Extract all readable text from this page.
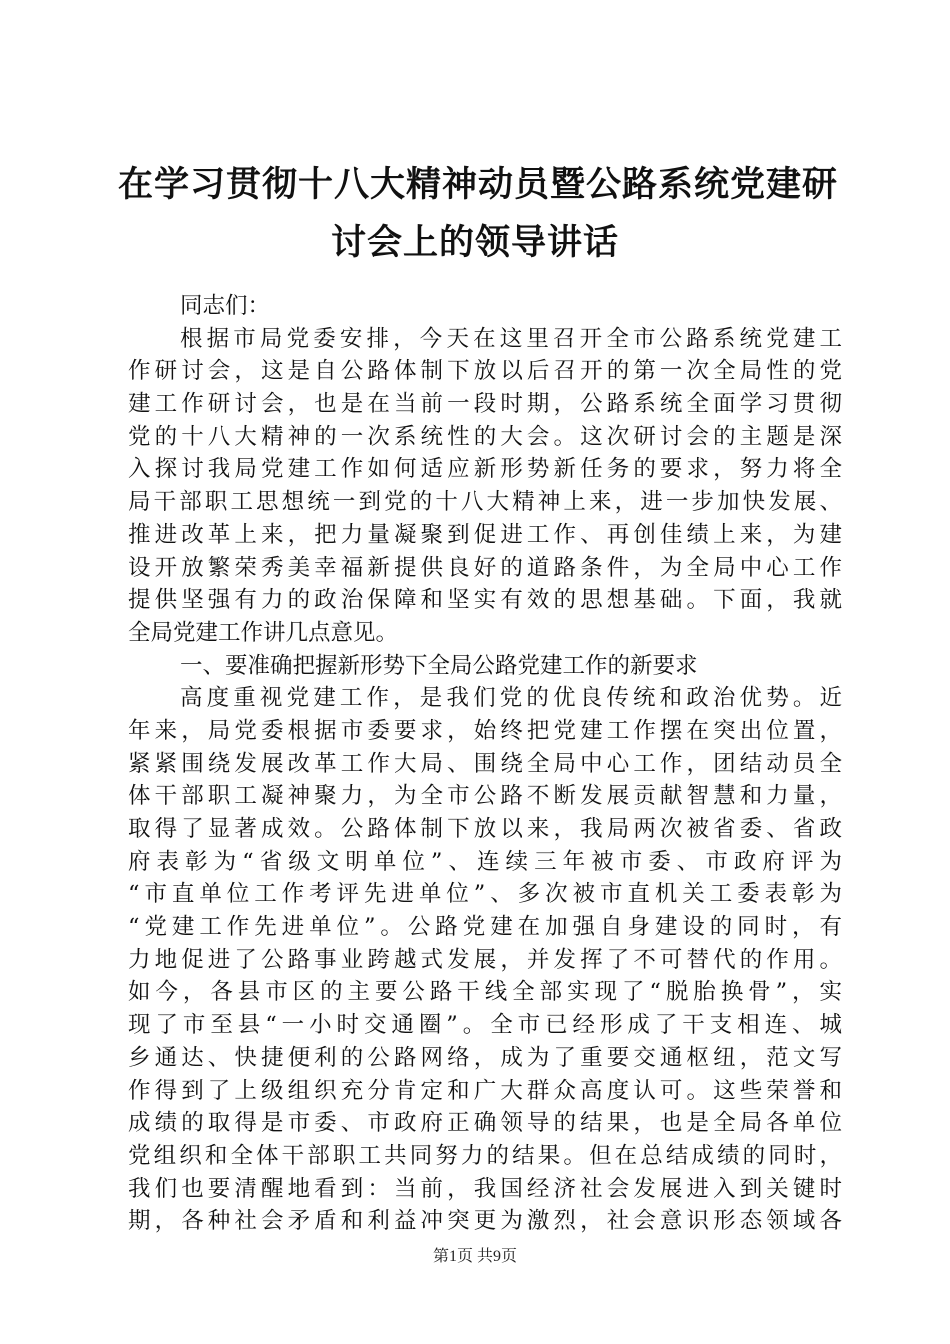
在学习贯彻十八大精神动员暨公路系统党建研
讨会上的领导讲话
同志们：
根据市局党委安排，今天在这里召开全市公路系统党建工
作研讨会，这是自公路体制下放以后召开的第一次全局性的党
建工作研讨会，也是在当前一段时期，公路系统全面学习贯彻
党的十八大精神的一次系统性的大会。这次研讨会的主题是深
入探讨我局党建工作如何适应新形势新任务的要求，努力将全
局干部职工思想统一到党的十八大精神上来，进一步加快发展、
推进改革上来，把力量凝聚到促进工作、再创佳绩上来，为建
设开放繁荣秀美幸福新提供良好的道路条件，为全局中心工作
提供坚强有力的政治保障和坚实有效的思想基础。下面，我就
全局党建工作讲几点意见。
一、要准确把握新形势下全局公路党建工作的新要求
高度重视党建工作，是我们党的优良传统和政治优势。近
年来，局党委根据市委要求，始终把党建工作摆在突出位置，
紧紧围绕发展改革工作大局、围绕全局中心工作，团结动员全
体干部职工凝神聚力，为全市公路不断发展贡献智慧和力量，
取得了显著成效。公路体制下放以来，我局两次被省委、省政
府表彰为“省级文明单位”、连续三年被市委、市政府评为
“市直单位工作考评先进单位”、多次被市直机关工委表彰为
“党建工作先进单位”。公路党建在加强自身建设的同时，有
力地促进了公路事业跨越式发展，并发挥了不可替代的作用。
如今，各县市区的主要公路干线全部实现了“脱胎换骨”，实
现了市至县“一小时交通圈”。全市已经形成了干支相连、城
乡通达、快捷便利的公路网络，成为了重要交通枢纽，范文写
作得到了上级组织充分肯定和广大群众高度认可。这些荣誉和
成绩的取得是市委、市政府正确领导的结果，也是全局各单位
党组织和全体干部职工共同努力的结果。但在总结成绩的同时，
我们也要清醒地看到：当前，我国经济社会发展进入到关键时
期，各种社会矛盾和利益冲突更为激烈，社会意识形态领域各
第1页 共9页
